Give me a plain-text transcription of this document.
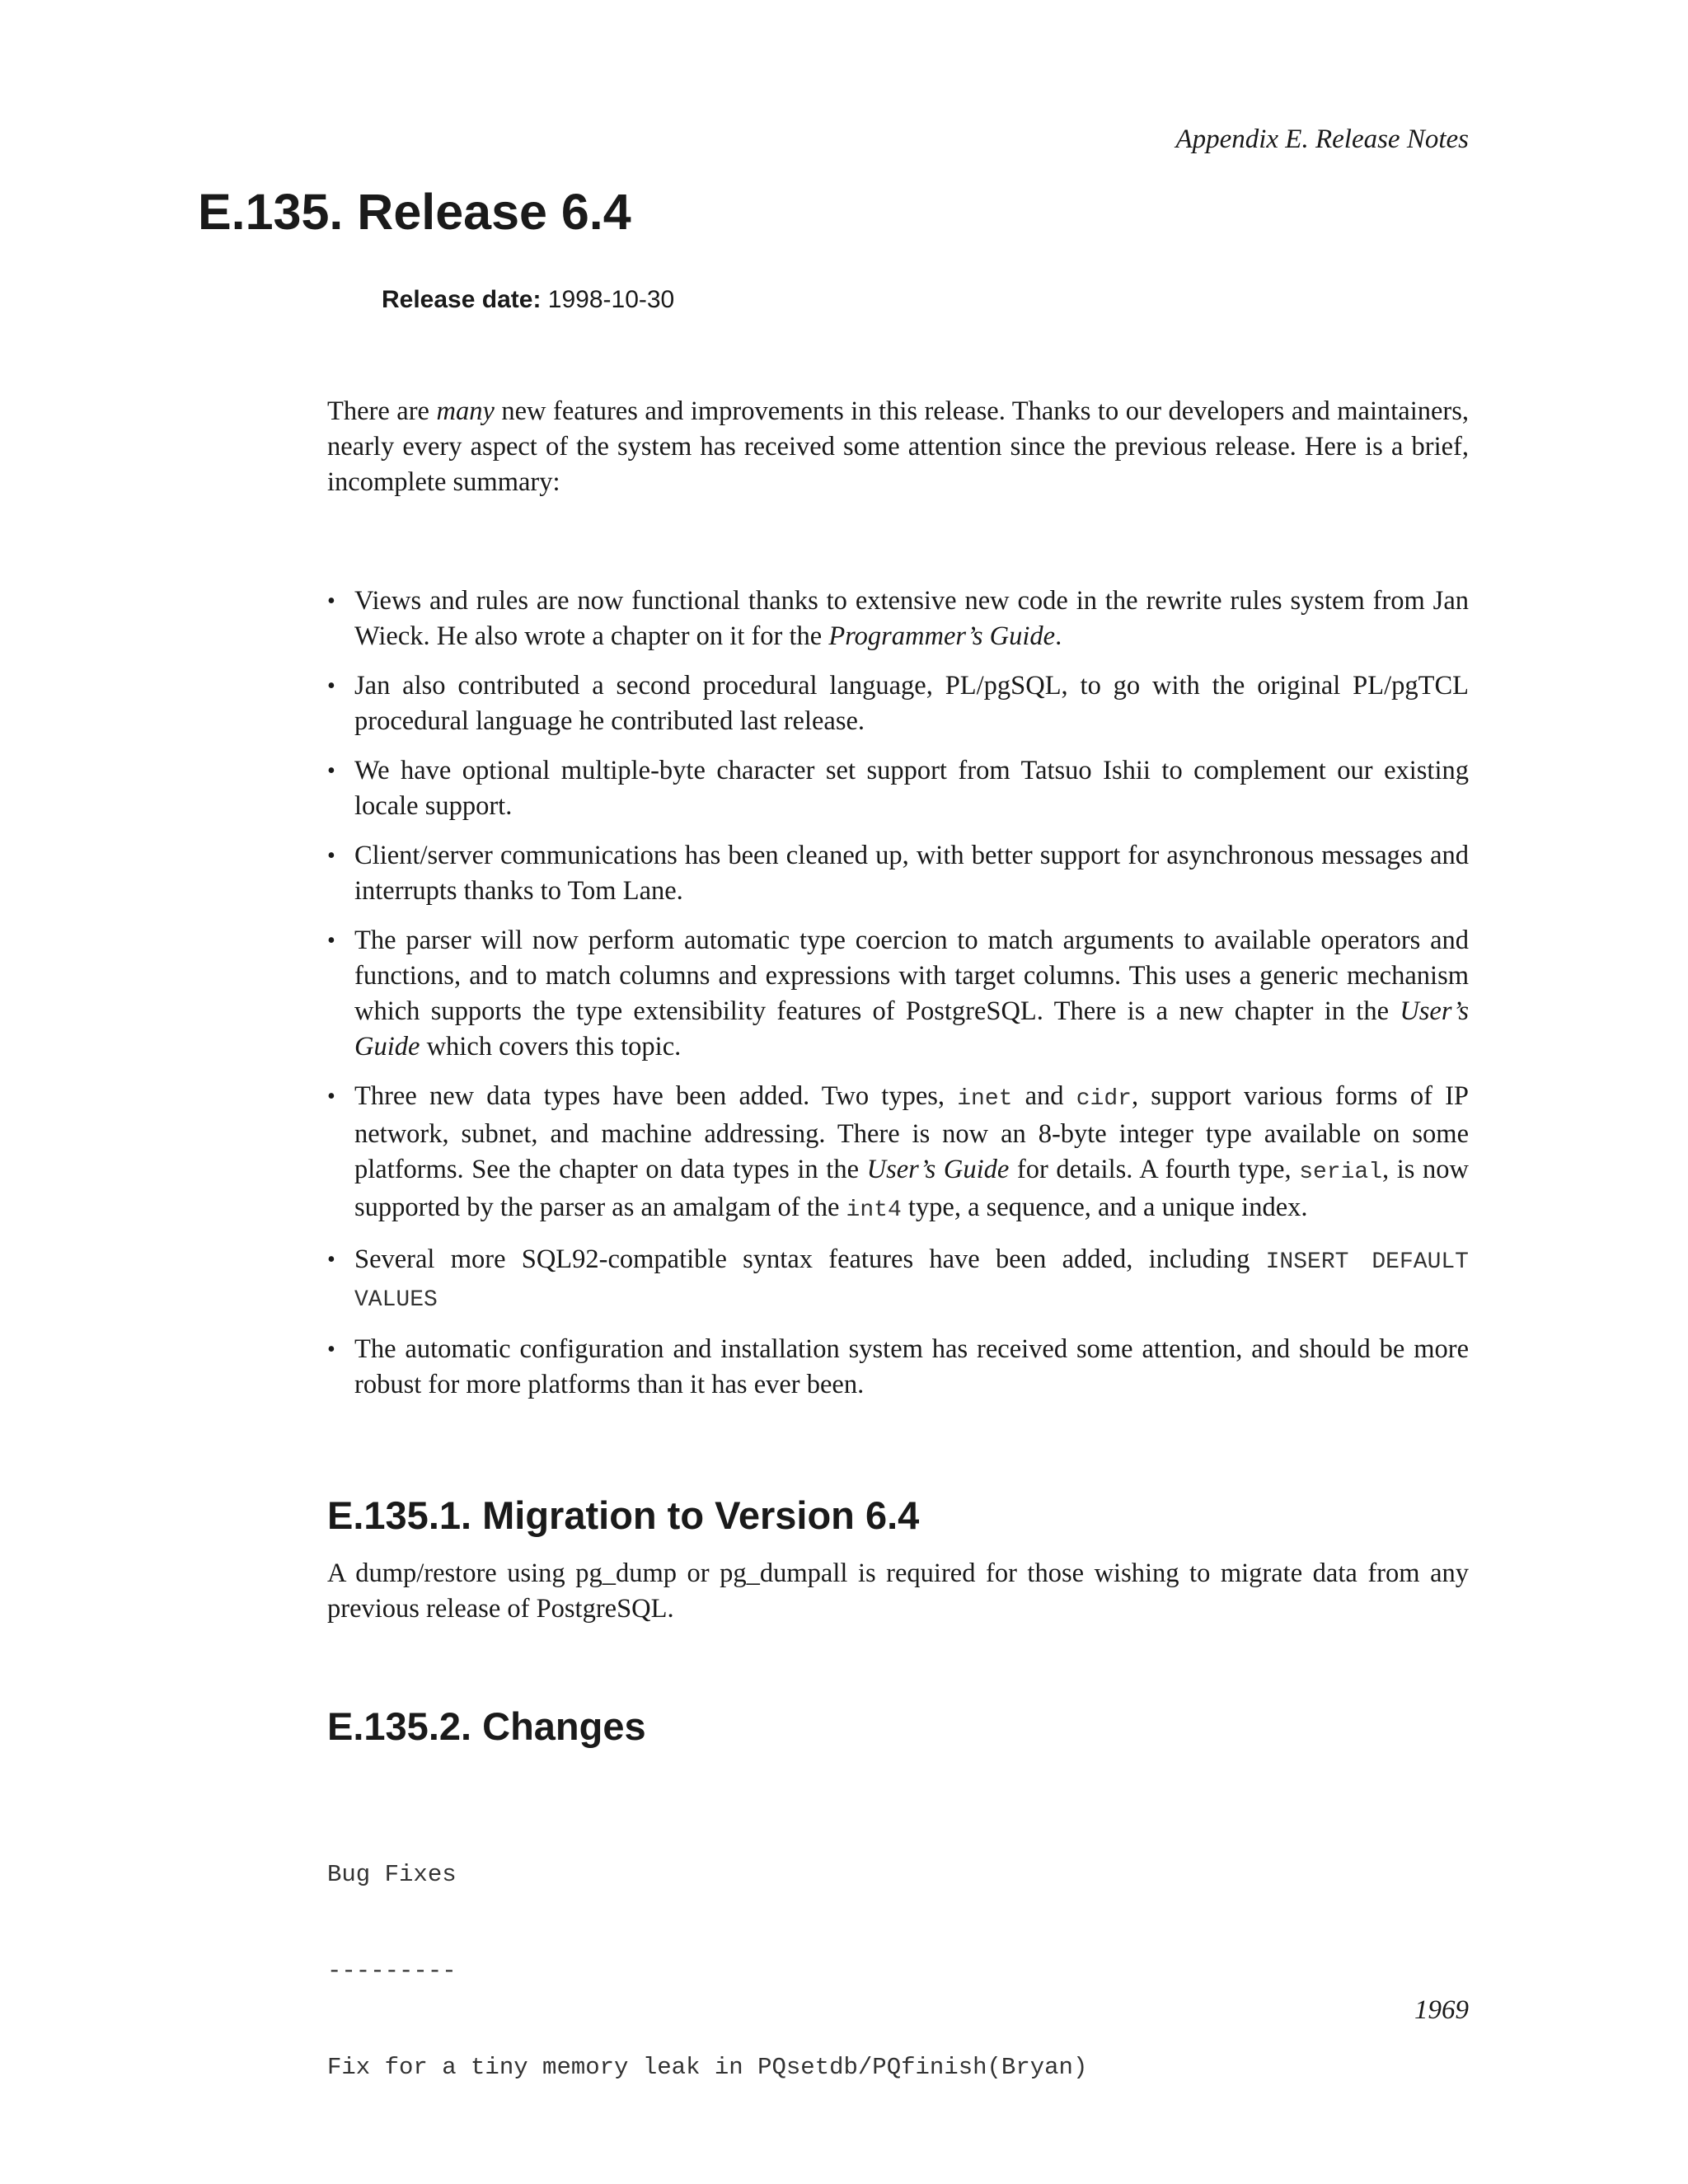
Appendix E. Release Notes
E.135. Release 6.4
Release date: 1998-10-30

There are many new features and improvements in this release. Thanks to our developers and maintainers, nearly every aspect of the system has received some attention since the previous release. Here is a brief, incomplete summary:

• Views and rules are now functional thanks to extensive new code in the rewrite rules system from Jan Wieck. He also wrote a chapter on it for the Programmer’s Guide.
• Jan also contributed a second procedural language, PL/pgSQL, to go with the original PL/pgTCL procedural language he contributed last release.
• We have optional multiple-byte character set support from Tatsuo Ishii to complement our existing locale support.
• Client/server communications has been cleaned up, with better support for asynchronous messages and interrupts thanks to Tom Lane.
• The parser will now perform automatic type coercion to match arguments to available operators and functions, and to match columns and expressions with target columns. This uses a generic mechanism which supports the type extensibility features of PostgreSQL. There is a new chapter in the User’s Guide which covers this topic.
• Three new data types have been added. Two types, inet and cidr, support various forms of IP network, subnet, and machine addressing. There is now an 8-byte integer type available on some platforms. See the chapter on data types in the User’s Guide for details. A fourth type, serial, is now supported by the parser as an amalgam of the int4 type, a sequence, and a unique index.
• Several more SQL92-compatible syntax features have been added, including INSERT DEFAULT VALUES
• The automatic configuration and installation system has received some attention, and should be more robust for more platforms than it has ever been.
E.135.1. Migration to Version 6.4

A dump/restore using pg_dump or pg_dumpall is required for those wishing to migrate data from any previous release of PostgreSQL.

E.135.2. Changes

Bug Fixes

---------

Fix for a tiny memory leak in PQsetdb/PQfinish(Bryan)

1969
